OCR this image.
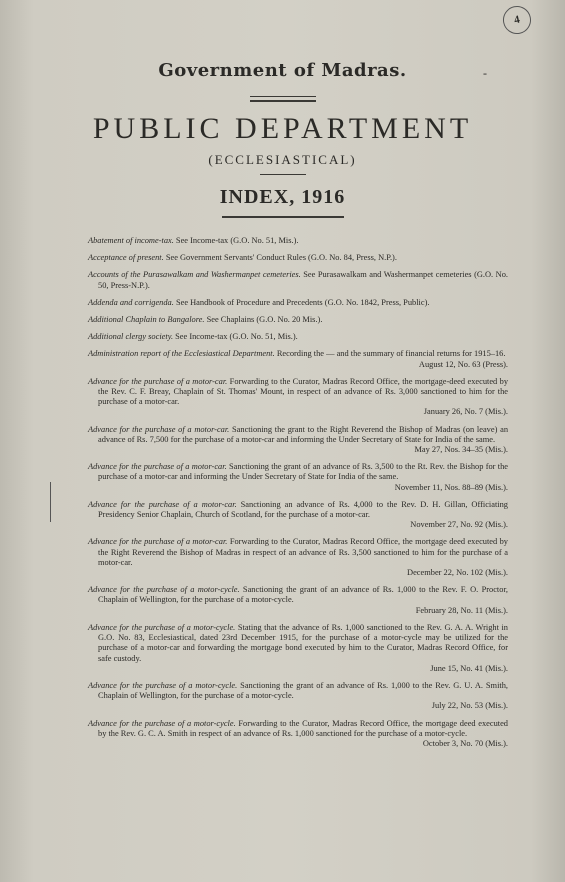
4
-
Government of Madras.
PUBLIC DEPARTMENT
(ECCLESIASTICAL)
INDEX, 1916
Abatement of income-tax. See Income-tax (G.O. No. 51, Mis.).
Acceptance of present. See Government Servants' Conduct Rules (G.O. No. 84, Press, N.P.).
Accounts of the Purasawalkam and Washermanpet cemeteries. See Purasawalkam and Washermanpet cemeteries (G.O. No. 50, Press-N.P.).
Addenda and corrigenda. See Handbook of Procedure and Precedents (G.O. No. 1842, Press, Public).
Additional Chaplain to Bangalore. See Chaplains (G.O. No. 20 Mis.).
Additional clergy society. See Income-tax (G.O. No. 51, Mis.).
Administration report of the Ecclesiastical Department. Recording the — and the summary of financial returns for 1915–16.
August 12, No. 63 (Press).
Advance for the purchase of a motor-car. Forwarding to the Curator, Madras Record Office, the mortgage-deed executed by the Rev. C. F. Breay, Chaplain of St. Thomas' Mount, in respect of an advance of Rs. 3,000 sanctioned to him for the purchase of a motor-car.
January 26, No. 7 (Mis.).
Advance for the purchase of a motor-car. Sanctioning the grant to the Right Reverend the Bishop of Madras (on leave) an advance of Rs. 7,500 for the purchase of a motor-car and informing the Under Secretary of State for India of the same.
May 27, Nos. 34–35 (Mis.).
Advance for the purchase of a motor-car. Sanctioning the grant of an advance of Rs. 3,500 to the Rt. Rev. the Bishop for the purchase of a motor-car and informing the Under Secretary of State for India of the same.
November 11, Nos. 88–89 (Mis.).
Advance for the purchase of a motor-car. Sanctioning an advance of Rs. 4,000 to the Rev. D. H. Gillan, Officiating Presidency Senior Chaplain, Church of Scotland, for the purchase of a motor-car.
November 27, No. 92 (Mis.).
Advance for the purchase of a motor-car. Forwarding to the Curator, Madras Record Office, the mortgage deed executed by the Right Reverend the Bishop of Madras in respect of an advance of Rs. 3,500 sanctioned to him for the purchase of a motor-car.
December 22, No. 102 (Mis.).
Advance for the purchase of a motor-cycle. Sanctioning the grant of an advance of Rs. 1,000 to the Rev. F. O. Proctor, Chaplain of Wellington, for the purchase of a motor-cycle.
February 28, No. 11 (Mis.).
Advance for the purchase of a motor-cycle. Stating that the advance of Rs. 1,000 sanctioned to the Rev. G. A. A. Wright in G.O. No. 83, Ecclesiastical, dated 23rd December 1915, for the purchase of a motor-cycle may be utilized for the purchase of a motor-car and forwarding the mortgage bond executed by him to the Curator, Madras Record Office, for safe custody.
June 15, No. 41 (Mis.).
Advance for the purchase of a motor-cycle. Sanctioning the grant of an advance of Rs. 1,000 to the Rev. G. U. A. Smith, Chaplain of Wellington, for the purchase of a motor-cycle.
July 22, No. 53 (Mis.).
Advance for the purchase of a motor-cycle. Forwarding to the Curator, Madras Record Office, the mortgage deed executed by the Rev. G. C. A. Smith in respect of an advance of Rs. 1,000 sanctioned for the purchase of a motor-cycle.
October 3, No. 70 (Mis.).
